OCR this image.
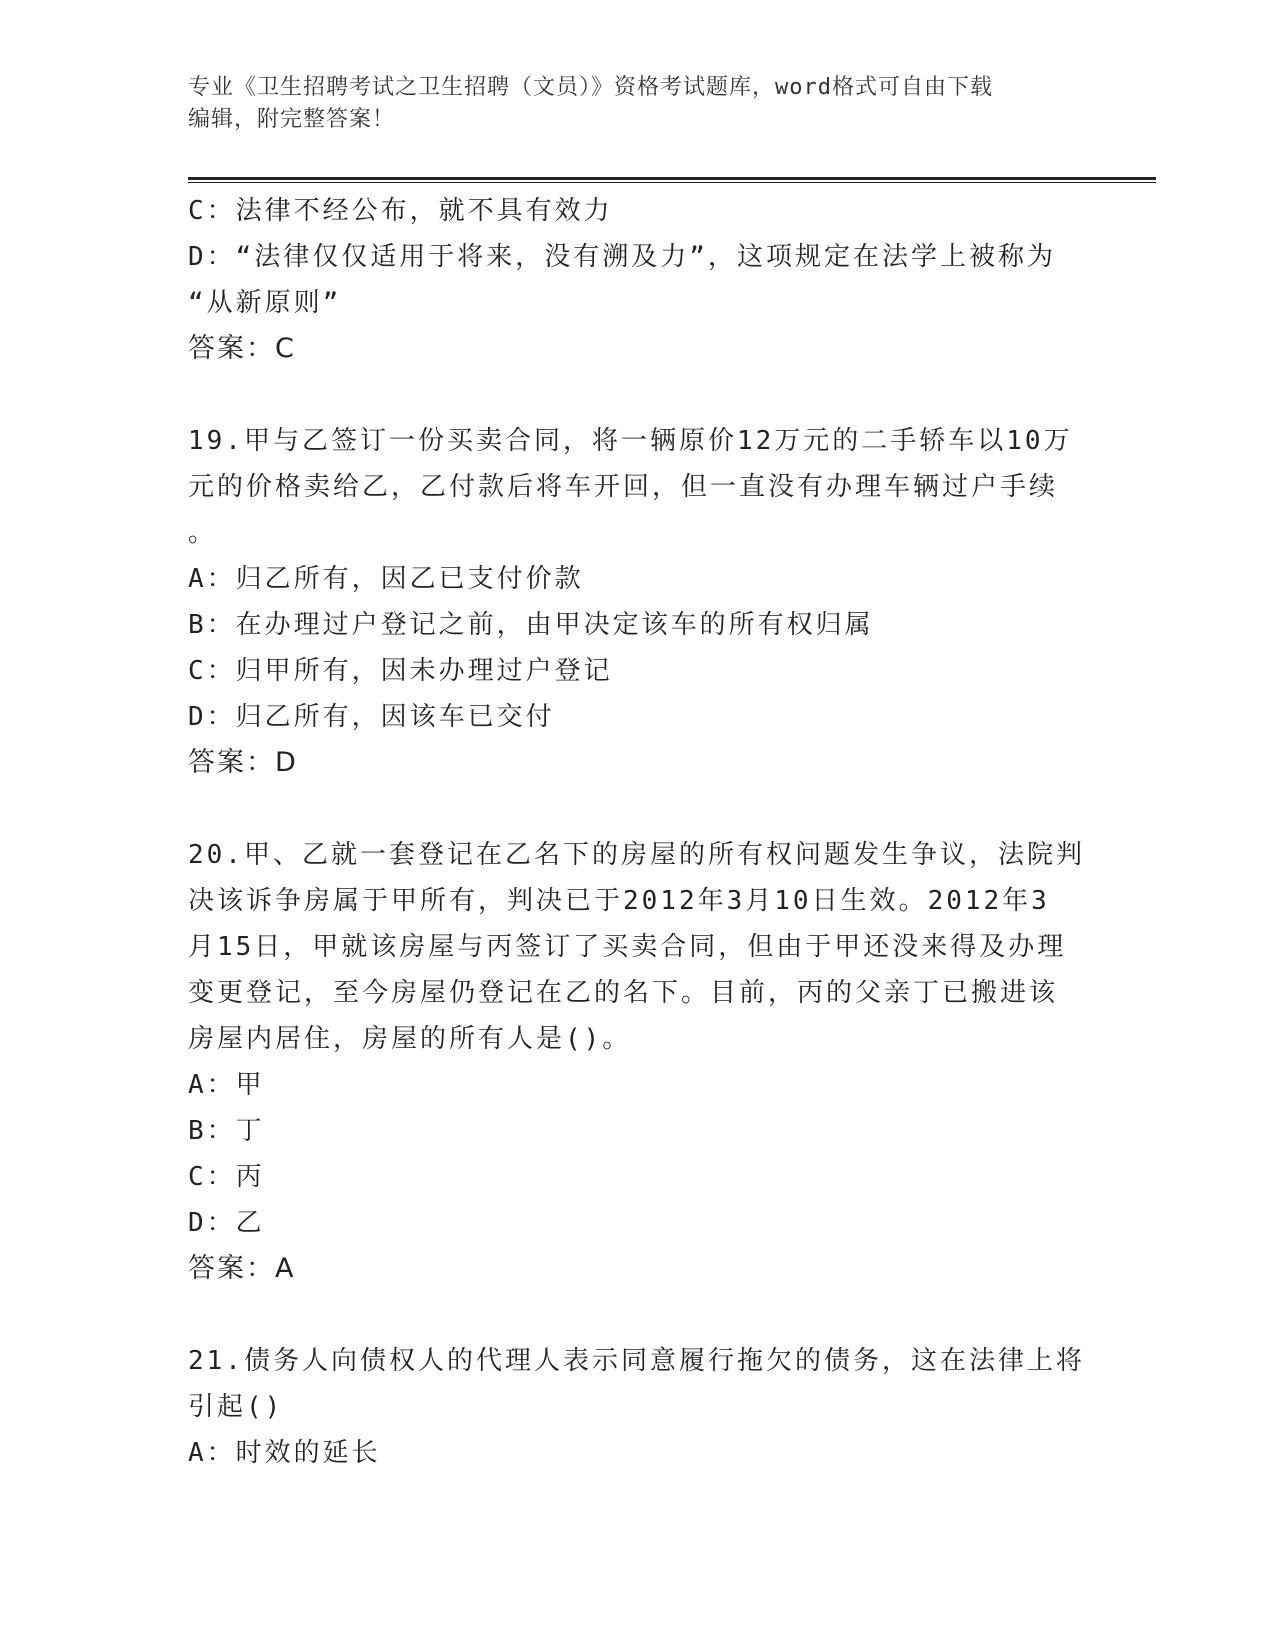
专业《卫生招聘考试之卫生招聘（文员）》资格考试题库，word格式可自由下载
编辑，附完整答案！

C：法律不经公布，就不具有效力

D：“法律仅仅适用于将来，没有溯及力”，这项规定在法学上被称为

“从新原则”

答案：C

19.甲与乙签订一份买卖合同，将一辆原价12万元的二手轿车以10万

元的价格卖给乙，乙付款后将车开回，但一直没有办理车辆过户手续

。

A：归乙所有，因乙已支付价款

B：在办理过户登记之前，由甲决定该车的所有权归属

C：归甲所有，因未办理过户登记

D：归乙所有，因该车已交付

答案：D

20.甲、乙就一套登记在乙名下的房屋的所有权问题发生争议，法院判

决该诉争房属于甲所有，判决已于2012年3月10日生效。2012年3

月15日，甲就该房屋与丙签订了买卖合同，但由于甲还没来得及办理

变更登记，至今房屋仍登记在乙的名下。目前，丙的父亲丁已搬进该

房屋内居住，房屋的所有人是()。

A：甲

B：丁

C：丙

D：乙

答案：A

21.债务人向债权人的代理人表示同意履行拖欠的债务，这在法律上将

引起()

A：时效的延长
